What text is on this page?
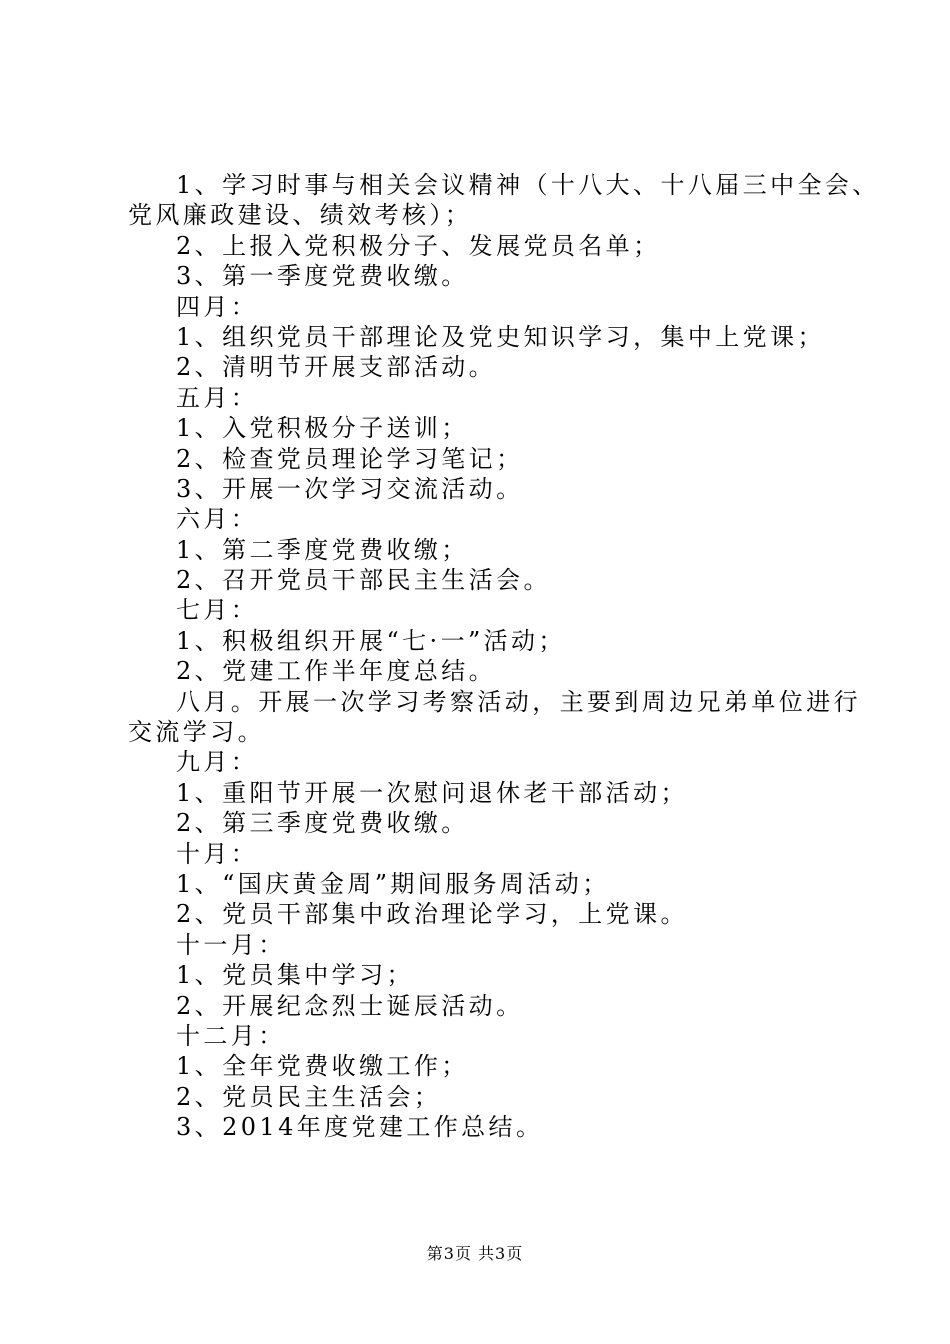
1、学习时事与相关会议精神（十八大、十八届三中全会、
党风廉政建设、绩效考核）；
2、上报入党积极分子、发展党员名单；
3、第一季度党费收缴。
四月：
1、组织党员干部理论及党史知识学习，集中上党课；
2、清明节开展支部活动。
五月：
1、入党积极分子送训；
2、检查党员理论学习笔记；
3、开展一次学习交流活动。
六月：
1、第二季度党费收缴；
2、召开党员干部民主生活会。
七月：
1、积极组织开展“七·一”活动；
2、党建工作半年度总结。
八月。开展一次学习考察活动，主要到周边兄弟单位进行
交流学习。
九月：
1、重阳节开展一次慰问退休老干部活动；
2、第三季度党费收缴。
十月：
1、“国庆黄金周”期间服务周活动；
2、党员干部集中政治理论学习，上党课。
十一月：
1、党员集中学习；
2、开展纪念烈士诞辰活动。
十二月：
1、全年党费收缴工作；
2、党员民主生活会；
3、2014年度党建工作总结。
第3页 共3页
